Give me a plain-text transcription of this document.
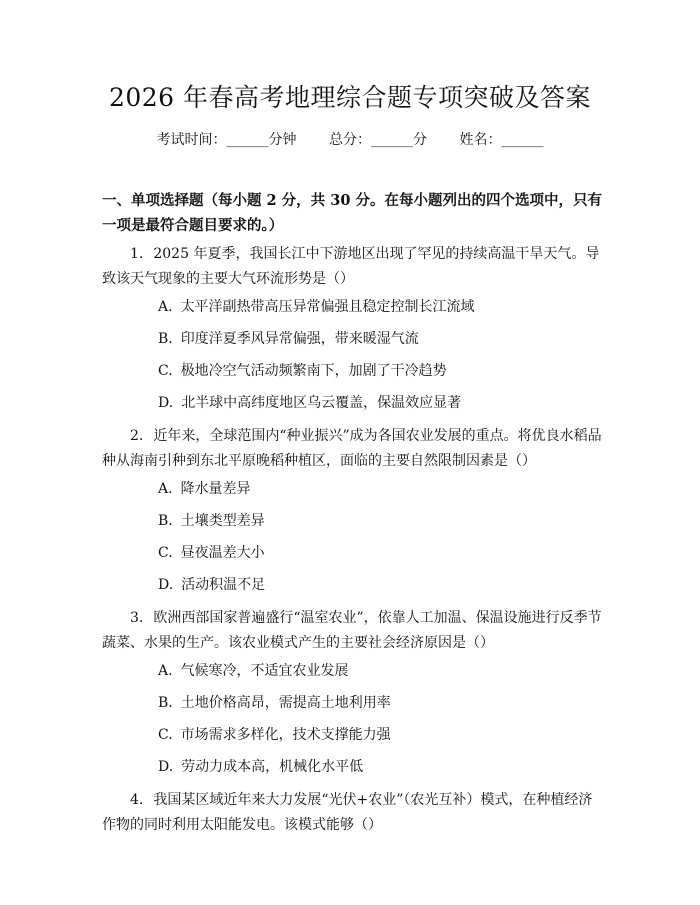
2026 年春高考地理综合题专项突破及答案
考试时间：______分钟 总分：______分 姓名：______
一、单项选择题（每小题 2 分，共 30 分。在每小题列出的四个选项中，只有一项是最符合题目要求的。）
1. 2025 年夏季，我国长江中下游地区出现了罕见的持续高温干旱天气。导致该天气现象的主要大气环流形势是（）
A. 太平洋副热带高压异常偏强且稳定控制长江流域
B. 印度洋夏季风异常偏强，带来暖湿气流
C. 极地冷空气活动频繁南下，加剧了干冷趋势
D. 北半球中高纬度地区乌云覆盖，保温效应显著
2. 近年来，全球范围内“种业振兴”成为各国农业发展的重点。将优良水稻品种从海南引种到东北平原晚稻种植区，面临的主要自然限制因素是（）
A. 降水量差异
B. 土壤类型差异
C. 昼夜温差大小
D. 活动积温不足
3. 欧洲西部国家普遍盛行“温室农业”，依靠人工加温、保温设施进行反季节蔬菜、水果的生产。该农业模式产生的主要社会经济原因是（）
A. 气候寒冷，不适宜农业发展
B. 土地价格高昂，需提高土地利用率
C. 市场需求多样化，技术支撑能力强
D. 劳动力成本高，机械化水平低
4. 我国某区域近年来大力发展“光伏+农业”（农光互补）模式，在种植经济作物的同时利用太阳能发电。该模式能够（）
